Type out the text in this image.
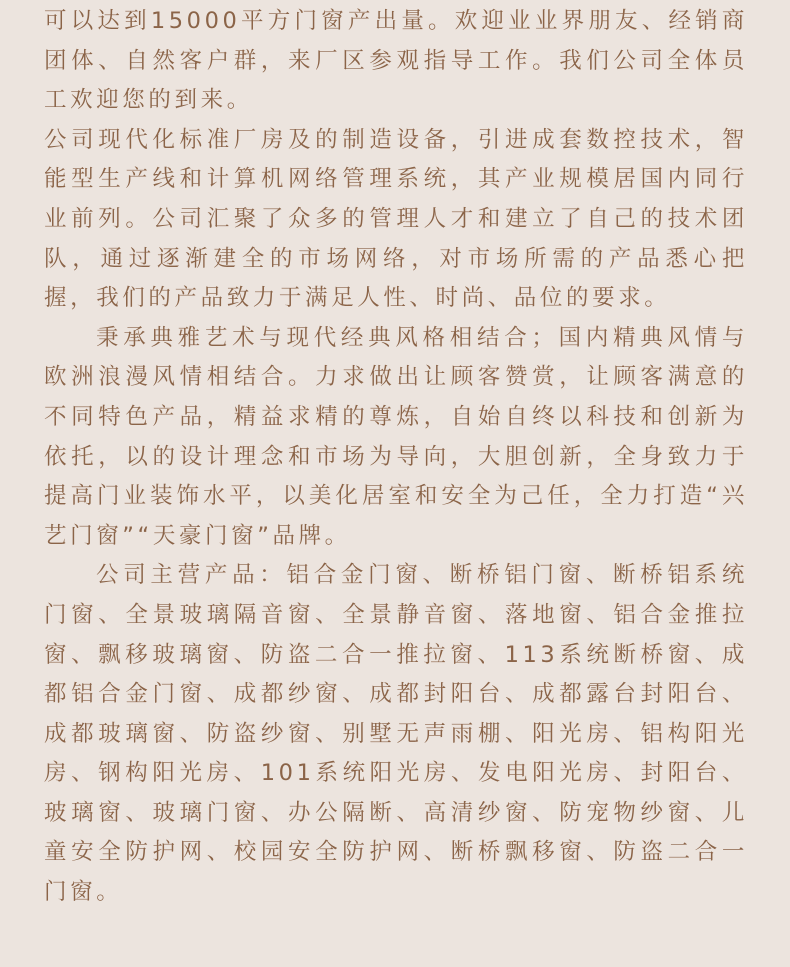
可以达到15000平方门窗产出量。欢迎业业界朋友、经销商团体、自然客户群，来厂区参观指导工作。我们公司全体员工欢迎您的到来。

公司现代化标准厂房及的制造设备，引进成套数控技术，智能型生产线和计算机网络管理系统，其产业规模居国内同行业前列。公司汇聚了众多的管理人才和建立了自己的技术团队，通过逐渐建全的市场网络，对市场所需的产品悉心把握，我们的产品致力于满足人性、时尚、品位的要求。

秉承典雅艺术与现代经典风格相结合；国内精典风情与欧洲浪漫风情相结合。力求做出让顾客赞赏，让顾客满意的不同特色产品，精益求精的尊炼，自始自终以科技和创新为依托，以的设计理念和市场为导向，大胆创新，全身致力于提高门业装饰水平，以美化居室和安全为己任，全力打造“兴艺门窗”“天豪门窗”品牌。

公司主营产品：铝合金门窗、断桥铝门窗、断桥铝系统门窗、全景玻璃隔音窗、全景静音窗、落地窗、铝合金推拉窗、飘移玻璃窗、防盗二合一推拉窗、113系统断桥窗、成都铝合金门窗、成都纱窗、成都封阳台、成都露台封阳台、成都玻璃窗、防盗纱窗、别墅无声雨棚、阳光房、铝构阳光房、钢构阳光房、101系统阳光房、发电阳光房、封阳台、玻璃窗、玻璃门窗、办公隔断、高清纱窗、防宠物纱窗、儿童安全防护网、校园安全防护网、断桥飘移窗、防盗二合一门窗。
